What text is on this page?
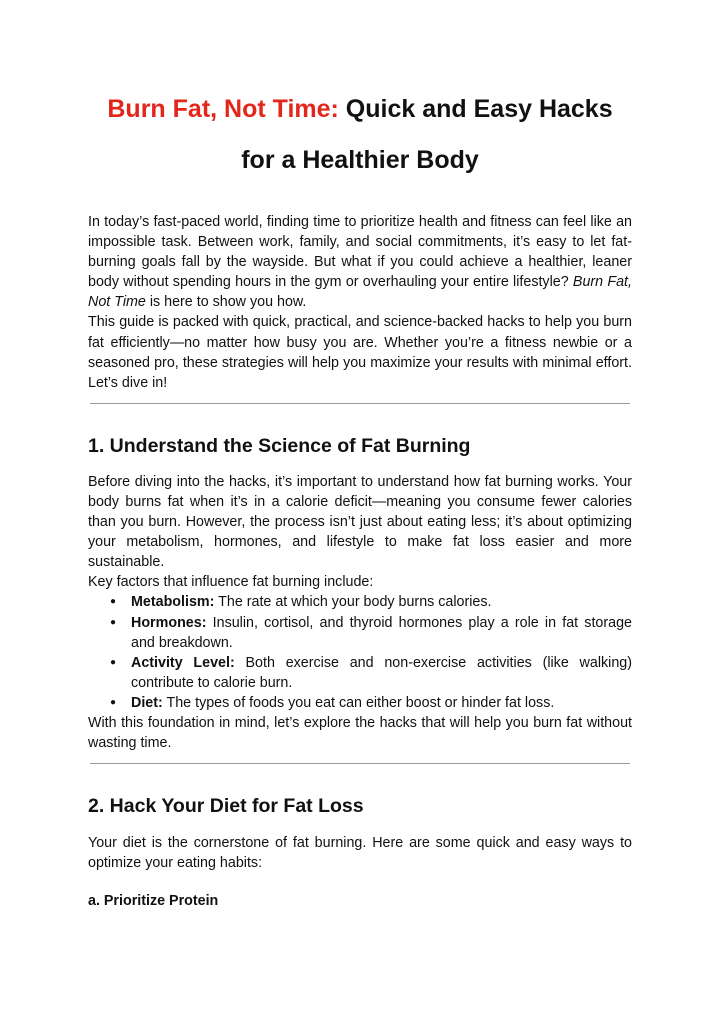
Burn Fat, Not Time: Quick and Easy Hacks
for a Healthier Body

In today’s fast-paced world, finding time to prioritize health and fitness can feel like an impossible task. Between work, family, and social commitments, it’s easy to let fat-burning goals fall by the wayside. But what if you could achieve a healthier, leaner body without spending hours in the gym or overhauling your entire lifestyle? Burn Fat, Not Time is here to show you how.

This guide is packed with quick, practical, and science-backed hacks to help you burn fat efficiently—no matter how busy you are. Whether you’re a fitness newbie or a seasoned pro, these strategies will help you maximize your results with minimal effort. Let’s dive in!

1. Understand the Science of Fat Burning

Before diving into the hacks, it’s important to understand how fat burning works. Your body burns fat when it’s in a calorie deficit—meaning you consume fewer calories than you burn. However, the process isn’t just about eating less; it’s about optimizing your metabolism, hormones, and lifestyle to make fat loss easier and more sustainable.

Key factors that influence fat burning include:

● Metabolism: The rate at which your body burns calories.
● Hormones: Insulin, cortisol, and thyroid hormones play a role in fat storage and breakdown.
● Activity Level: Both exercise and non-exercise activities (like walking) contribute to calorie burn.
● Diet: The types of foods you eat can either boost or hinder fat loss.

With this foundation in mind, let’s explore the hacks that will help you burn fat without wasting time.

2. Hack Your Diet for Fat Loss

Your diet is the cornerstone of fat burning. Here are some quick and easy ways to optimize your eating habits:

a. Prioritize Protein
